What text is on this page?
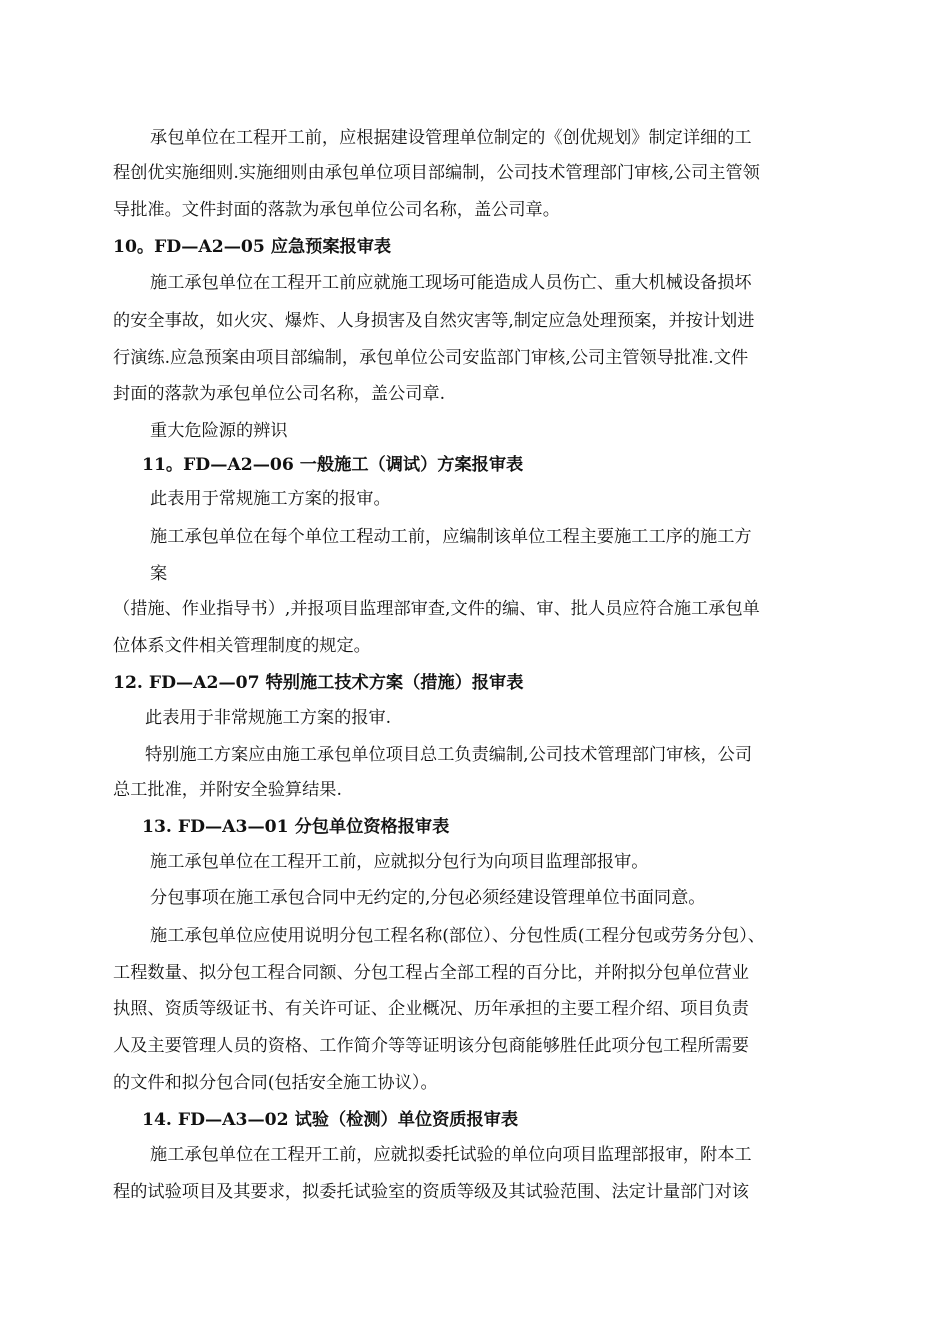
承包单位在工程开工前，应根据建设管理单位制定的《创优规划》制定详细的工
程创优实施细则.实施细则由承包单位项目部编制，公司技术管理部门审核,公司主管领
导批准。文件封面的落款为承包单位公司名称，盖公司章。
10。FD—A2—05 应急预案报审表
施工承包单位在工程开工前应就施工现场可能造成人员伤亡、重大机械设备损坏
的安全事故，如火灾、爆炸、人身损害及自然灾害等,制定应急处理预案，并按计划进
行演练.应急预案由项目部编制，承包单位公司安监部门审核,公司主管领导批准.文件
封面的落款为承包单位公司名称，盖公司章.
重大危险源的辨识
11。FD—A2—06 一般施工（调试）方案报审表
此表用于常规施工方案的报审。
施工承包单位在每个单位工程动工前，应编制该单位工程主要施工工序的施工方
案
（措施、作业指导书）,并报项目监理部审查,文件的编、审、批人员应符合施工承包单
位体系文件相关管理制度的规定。
12. FD—A2—07 特别施工技术方案（措施）报审表
此表用于非常规施工方案的报审.
特别施工方案应由施工承包单位项目总工负责编制,公司技术管理部门审核，公司
总工批准，并附安全验算结果.
13. FD—A3—01 分包单位资格报审表
施工承包单位在工程开工前，应就拟分包行为向项目监理部报审。
分包事项在施工承包合同中无约定的,分包必须经建设管理单位书面同意。
施工承包单位应使用说明分包工程名称(部位）、分包性质(工程分包或劳务分包）、
工程数量、拟分包工程合同额、分包工程占全部工程的百分比，并附拟分包单位营业
执照、资质等级证书、有关许可证、企业概况、历年承担的主要工程介绍、项目负责
人及主要管理人员的资格、工作简介等等证明该分包商能够胜任此项分包工程所需要
的文件和拟分包合同(包括安全施工协议）。
14. FD—A3—02 试验（检测）单位资质报审表
施工承包单位在工程开工前，应就拟委托试验的单位向项目监理部报审，附本工
程的试验项目及其要求，拟委托试验室的资质等级及其试验范围、法定计量部门对该
